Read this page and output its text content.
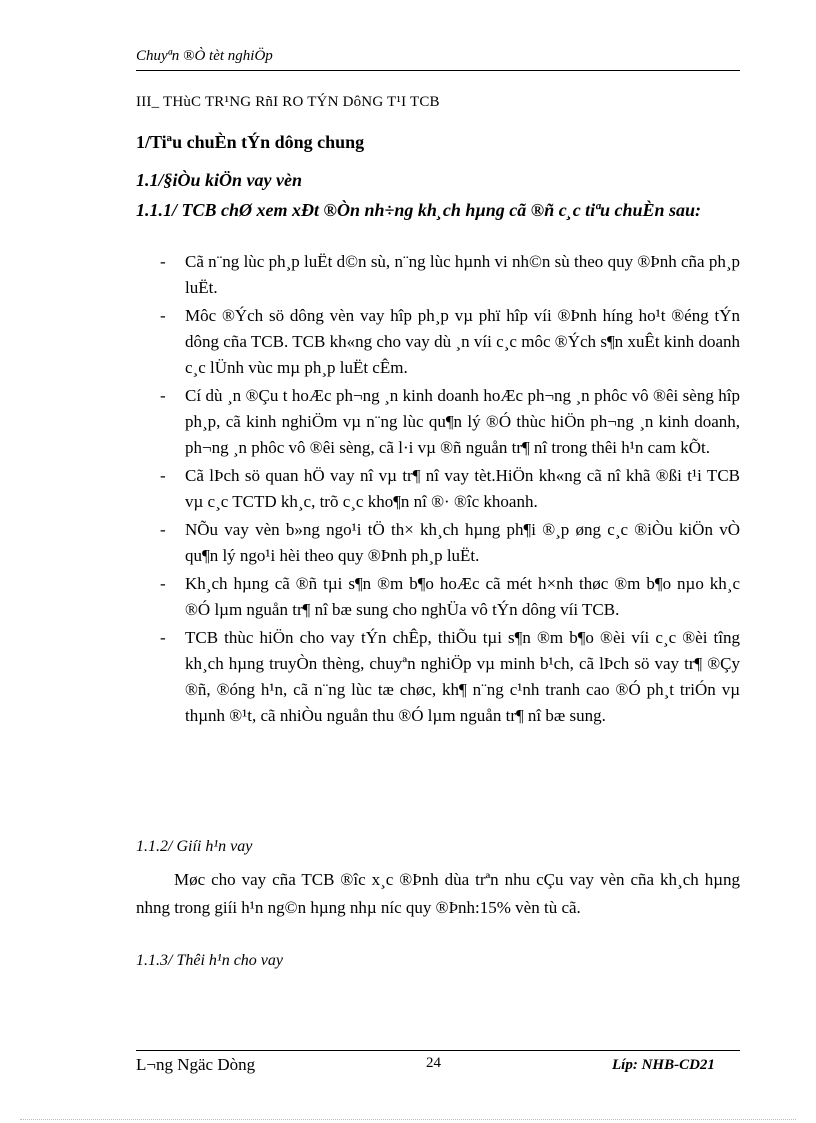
Chuyªn ®Ò tèt nghiÖp
III_ THùC TR¹NG RñI RO TÝN DôNG T¹I TCB
1/Tiªu chuÈn tÝn dông chung
1.1/§iÒu kiÖn vay vèn
1.1.1/ TCB chØ xem xÐt ®Òn nh÷ng kh¸ch hµng cã ®ñ c¸c tiªu chuÈn sau:
- Cã n¨ng lùc ph¸p luËt d©n sù, n¨ng lùc hµnh vi nh©n sù theo quy ®Þnh cña ph¸p luËt.
- Môc ®Ých sö dông vèn vay hîp ph¸p vµ phï hîp víi ®Þnh híng ho¹t ®éng tÝn dông cña TCB. TCB kh«ng cho vay dù ¸n víi c¸c môc ®Ých s¶n xuÊt kinh doanh c¸c lÜnh vùc mµ ph¸p luËt cÊm.
- Cí dù ¸n ®Çu t hoÆc ph¬ng ¸n kinh doanh hoÆc ph¬ng ¸n phôc vô ®êi sèng hîp ph¸p, cã kinh nghiÖm vµ n¨ng lùc qu¶n lý ®Ó thùc hiÖn ph¬ng ¸n kinh doanh, ph¬ng ¸n phôc vô ®êi sèng, cã l·i vµ ®ñ nguån tr¶ nî trong thêi h¹n cam kÕt.
- Cã lÞch sö quan hÖ vay nî vµ tr¶ nî vay tèt.HiÖn kh«ng cã nî khã ®ßi t¹i TCB vµ c¸c TCTD kh¸c, trõ c¸c kho¶n nî ®· ®îc khoanh.
- NÕu vay vèn b»ng ngo¹i tÖ th× kh¸ch hµng ph¶i ®¸p øng c¸c ®iÒu kiÖn vÒ qu¶n lý ngo¹i hèi theo quy ®Þnh ph¸p luËt.
- Kh¸ch hµng cã ®ñ tµi s¶n ®m b¶o hoÆc cã mét h×nh thøc ®m b¶o nµo kh¸c ®Ó lµm nguån tr¶ nî bæ sung cho nghÜa vô tÝn dông víi TCB.
- TCB thùc hiÖn cho vay tÝn chÊp, thiÕu tµi s¶n ®m b¶o ®èi víi c¸c ®èi tîng kh¸ch hµng truyÒn thèng, chuyªn nghiÖp vµ minh b¹ch, cã lÞch sö vay tr¶ ®Çy ®ñ, ®óng h¹n, cã n¨ng lùc tæ chøc, kh¶ n¨ng c¹nh tranh cao ®Ó ph¸t triÓn vµ thµnh ®¹t, cã nhiÒu nguån thu ®Ó lµm nguån tr¶ nî bæ sung.
1.1.2/ Giíi h¹n vay
Møc cho vay cña TCB ®îc x¸c ®Þnh dùa trªn nhu cÇu vay vèn cña kh¸ch hµng nhng trong giíi h¹n ng©n hµng nhµ níc quy ®Þnh:15% vèn tù cã.
1.1.3/ Thêi h¹n cho vay
L¬ng Ngäc Dòng	24	Líp: NHB-CD21
